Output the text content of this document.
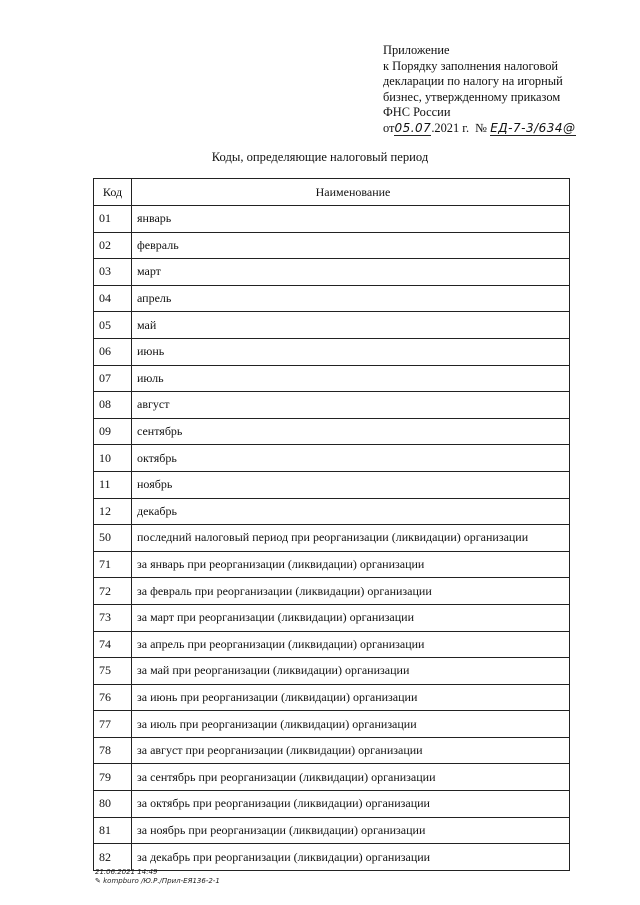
Приложение
к Порядку заполнения налоговой
декларации по налогу на игорный
бизнес, утвержденному приказом
ФНС России
от05.07.2021 г.  № ЕД-7-3/634@
Коды, определяющие налоговый период
Код	Наименование
01	январь
02	февраль
03	март
04	апрель
05	май
06	июнь
07	июль
08	август
09	сентябрь
10	октябрь
11	ноябрь
12	декабрь
50	последний налоговый период при реорганизации (ликвидации) организации
71	за январь при реорганизации (ликвидации) организации
72	за февраль при реорганизации (ликвидации) организации
73	за март при реорганизации (ликвидации) организации
74	за апрель при реорганизации (ликвидации) организации
75	за май при реорганизации (ликвидации) организации
76	за июнь при реорганизации (ликвидации) организации
77	за июль при реорганизации (ликвидации) организации
78	за август при реорганизации (ликвидации) организации
79	за сентябрь при реорганизации (ликвидации) организации
80	за октябрь при реорганизации (ликвидации) организации
81	за ноябрь при реорганизации (ликвидации) организации
82	за декабрь при реорганизации (ликвидации) организации
21.06.2021 14:49
✎ kompburo /Ю.Р./Прил-ЕЯ136-2-1
